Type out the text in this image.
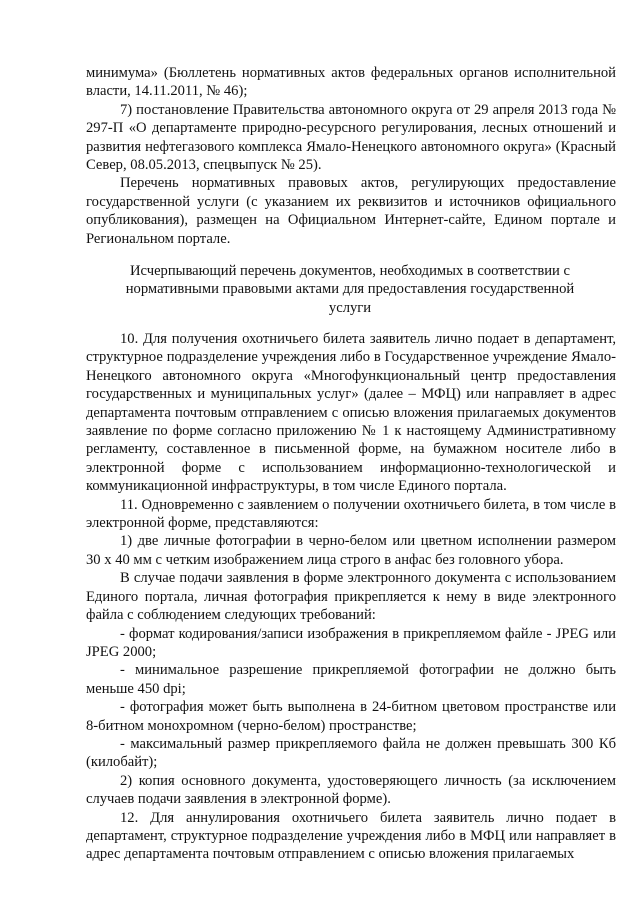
минимума» (Бюллетень нормативных актов федеральных органов исполнительной власти, 14.11.2011, № 46);

7) постановление Правительства автономного округа от 29 апреля 2013 года № 297-П «О департаменте природно-ресурсного регулирования, лесных отношений и развития нефтегазового комплекса Ямало-Ненецкого автономного округа» (Красный Север, 08.05.2013, спецвыпуск № 25).

Перечень нормативных правовых актов, регулирующих предоставление государственной услуги (с указанием их реквизитов и источников официального опубликования), размещен на Официальном Интернет-сайте, Едином портале и Региональном портале.

Исчерпывающий перечень документов, необходимых в соответствии с нормативными правовыми актами для предоставления государственной услуги

10. Для получения охотничьего билета заявитель лично подает в департамент, структурное подразделение учреждения либо в Государственное учреждение Ямало-Ненецкого автономного округа «Многофункциональный центр предоставления государственных и муниципальных услуг» (далее – МФЦ) или направляет в адрес департамента почтовым отправлением с описью вложения прилагаемых документов заявление по форме согласно приложению № 1 к настоящему Административному регламенту, составленное в письменной форме, на бумажном носителе либо в электронной форме с использованием информационно-технологической и коммуникационной инфраструктуры, в том числе Единого портала.

11. Одновременно с заявлением о получении охотничьего билета, в том числе в электронной форме, представляются:

1) две личные фотографии в черно-белом или цветном исполнении размером 30 х 40 мм с четким изображением лица строго в анфас без головного убора.

В случае подачи заявления в форме электронного документа с использованием Единого портала, личная фотография прикрепляется к нему в виде электронного файла с соблюдением следующих требований:

- формат кодирования/записи изображения в прикрепляемом файле - JPEG или JPEG 2000;

- минимальное разрешение прикрепляемой фотографии не должно быть меньше 450 dpi;

- фотография может быть выполнена в 24-битном цветовом пространстве или 8-битном монохромном (черно-белом) пространстве;

- максимальный размер прикрепляемого файла не должен превышать 300 Кб (килобайт);

2) копия основного документа, удостоверяющего личность (за исключением случаев подачи заявления в электронной форме).

12. Для аннулирования охотничьего билета заявитель лично подает в департамент, структурное подразделение учреждения либо в МФЦ или направляет в адрес департамента почтовым отправлением с описью вложения прилагаемых
